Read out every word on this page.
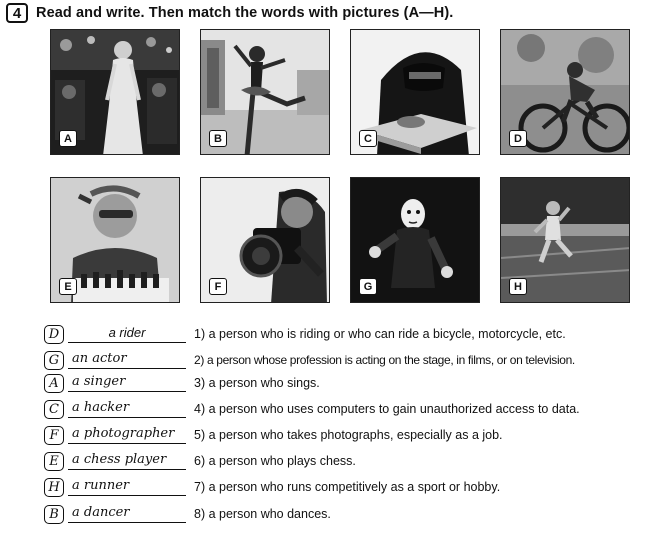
4	Read and write. Then match the words with pictures (A—H).
A	B	C	D
E	F	G	H
D	a rider	1) a person who is riding or who can ride a bicycle, motorcycle, etc.
G an actor	2) a person whose profession is acting on the stage, in films, or on television.
A	a singer	3) a person who sings.
C	a hacker	4) a person who uses computers to gain unauthorized access to data.
F	a photographer	5) a person who takes photographs, especially as a job.
E	a chess player	6) a person who plays chess.
H a runner	7) a person who runs competitively as a sport or hobby.
B	a dancer	8) a person who dances.
